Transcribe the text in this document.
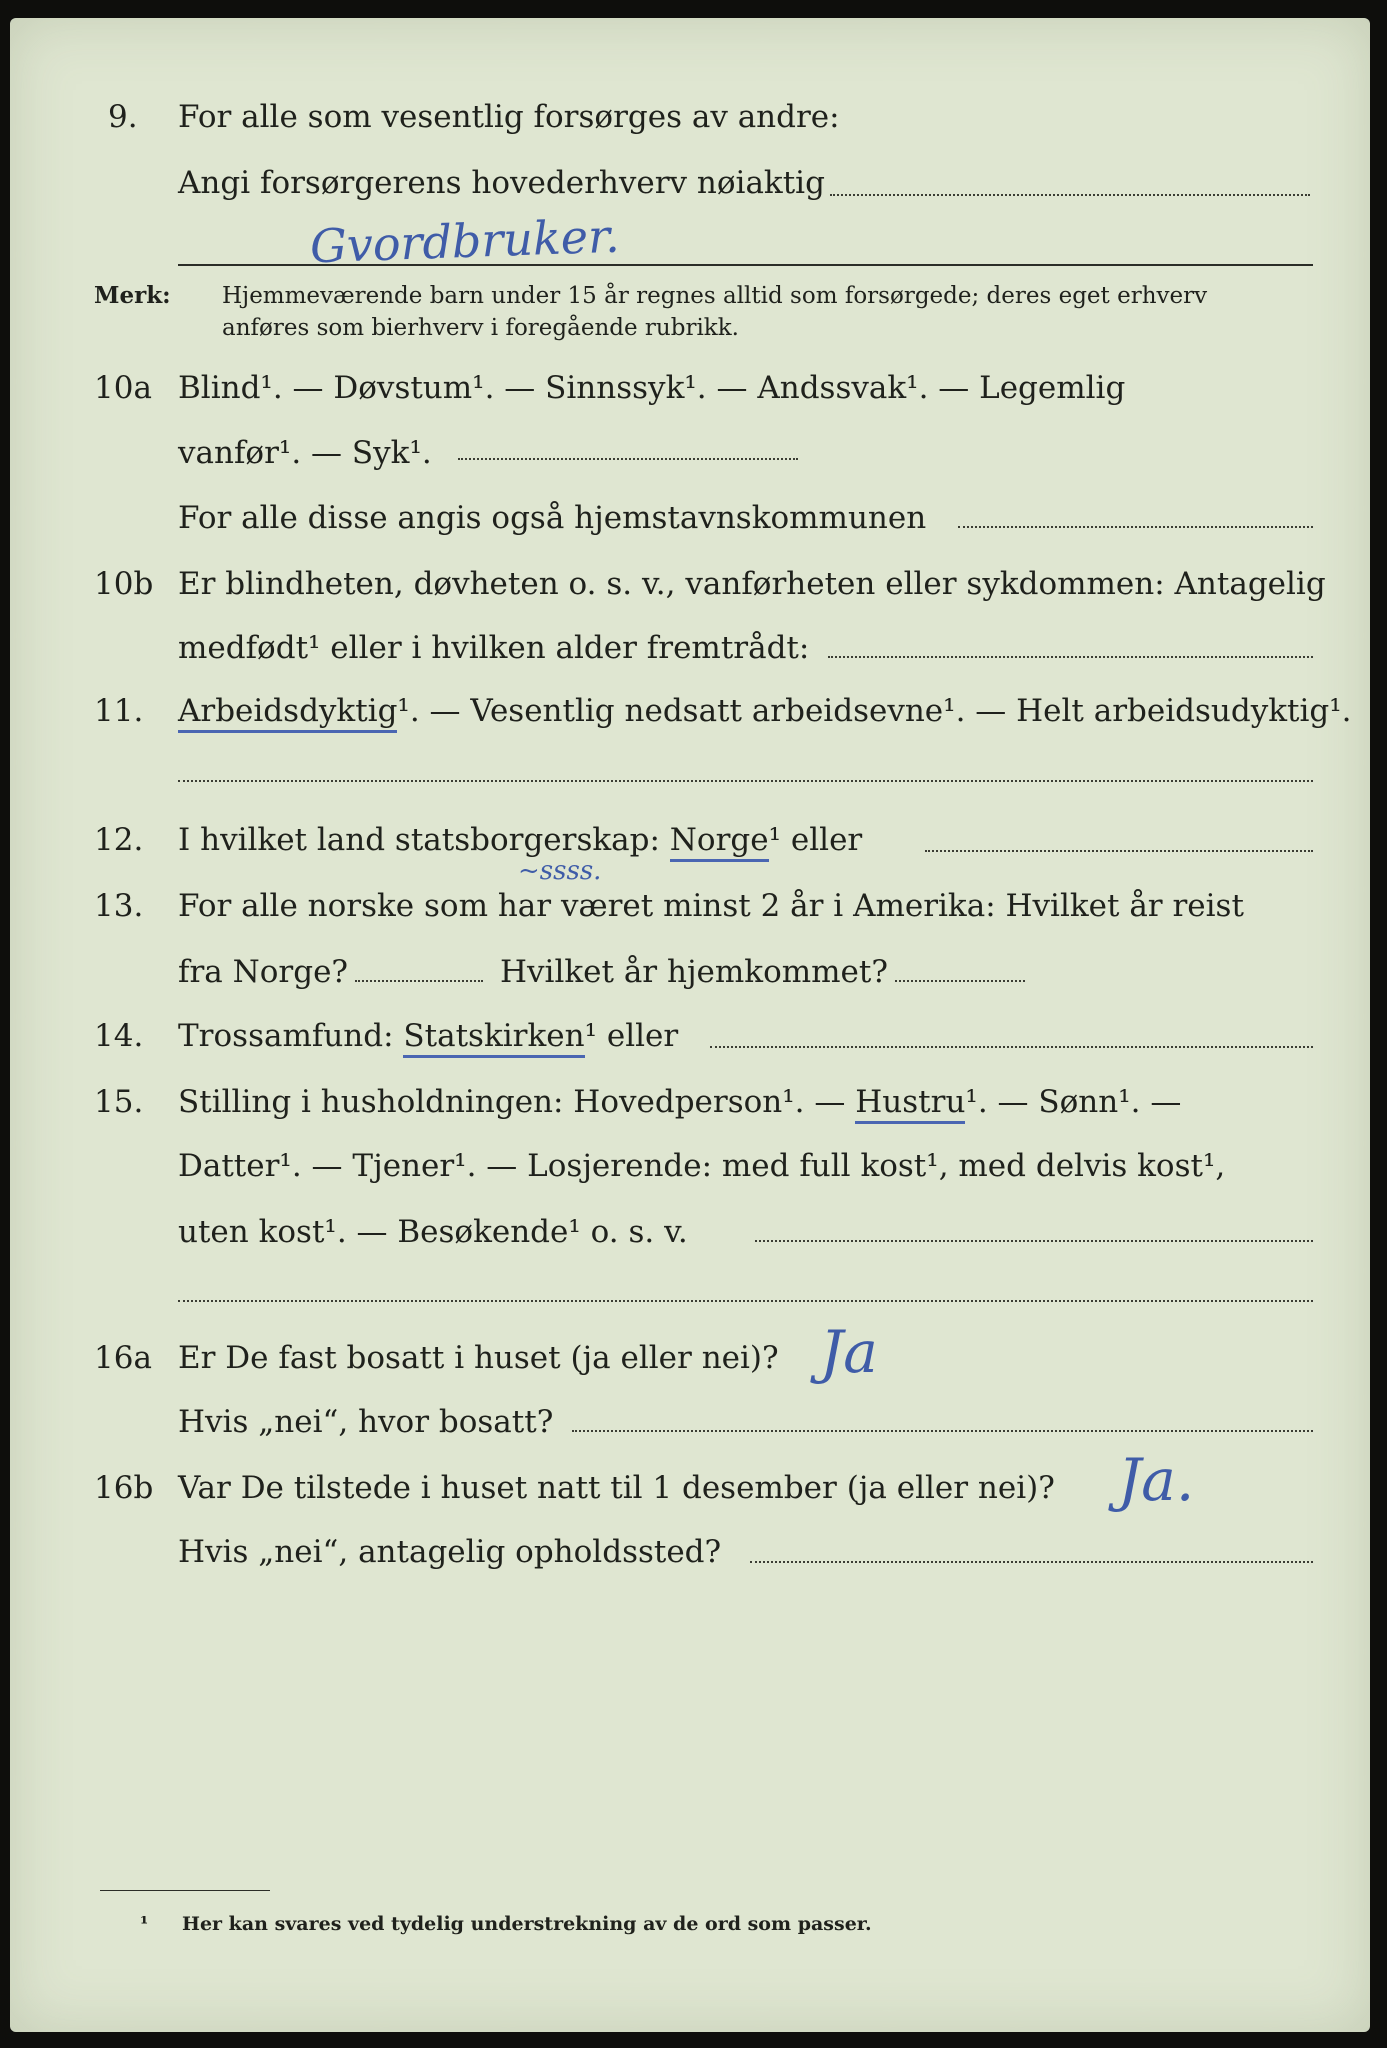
9. For alle som vesentlig forsørges av andre:
Angi forsørgerens hovederhverv nøiaktig
Gvordbruker.
Merk: Hjemmeværende barn under 15 år regnes alltid som forsørgede; deres eget erhverv
anføres som bierhverv i foregående rubrikk.
10a Blind¹. — Døvstum¹. — Sinnssyk¹. — Andssvak¹. — Legemlig
vanfør¹. — Syk¹.
For alle disse angis også hjemstavnskommunen
10b Er blindheten, døvheten o. s. v., vanførheten eller sykdommen: Antagelig
medfødt¹ eller i hvilken alder fremtrådt:
11. Arbeidsdyktig¹. — Vesentlig nedsatt arbeidsevne¹. — Helt arbeidsudyktig¹.
12. I hvilket land statsborgerskap: Norge¹ eller
~ssss.
13. For alle norske som har været minst 2 år i Amerika: Hvilket år reist
fra Norge?	Hvilket år hjemkommet?
14. Trossamfund: Statskirken¹ eller
15. Stilling i husholdningen: Hovedperson¹. — Hustru¹. — Sønn¹. —
Datter¹. — Tjener¹. — Losjerende: med full kost¹, med delvis kost¹,
uten kost¹. — Besøkende¹ o. s. v.
16a Er De fast bosatt i huset (ja eller nei)? Ja
Hvis „nei“, hvor bosatt?
16b Var De tilstede i huset natt til 1 desember (ja eller nei)? Ja.
Hvis „nei“, antagelig opholdssted?
¹ Her kan svares ved tydelig understrekning av de ord som passer.
